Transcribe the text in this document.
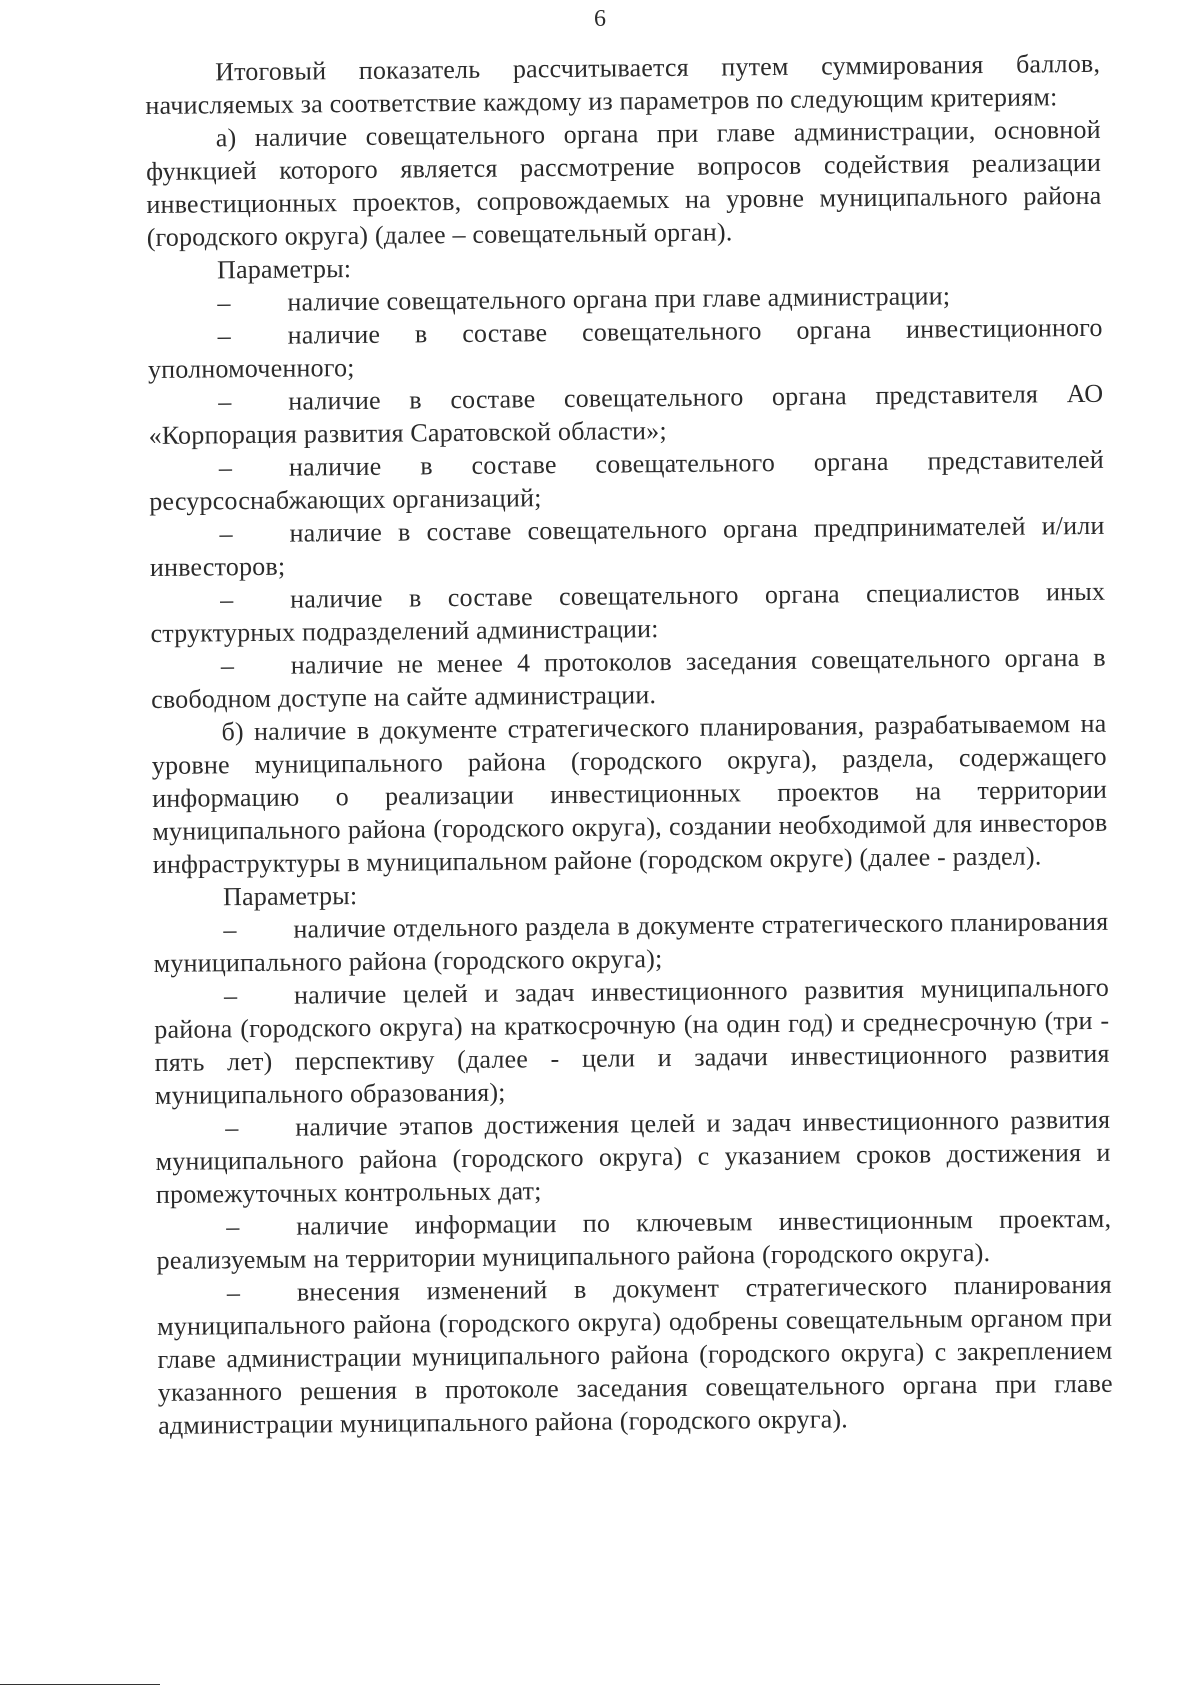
6

Итоговый показатель рассчитывается путем суммирования баллов, начисляемых за соответствие каждому из параметров по следующим критериям:

а) наличие совещательного органа при главе администрации, основной функцией которого является рассмотрение вопросов содействия реализации инвестиционных проектов, сопровождаемых на уровне муниципального района (городского округа) (далее – совещательный орган).

Параметры:

– наличие совещательного органа при главе администрации;

– наличие в составе совещательного органа инвестиционного уполномоченного;

– наличие в составе совещательного органа представителя АО «Корпорация развития Саратовской области»;

– наличие в составе совещательного органа представителей ресурсоснабжающих организаций;

– наличие в составе совещательного органа предпринимателей и/или инвесторов;

– наличие в составе совещательного органа специалистов иных структурных подразделений администрации:

– наличие не менее 4 протоколов заседания совещательного органа в свободном доступе на сайте администрации.

б) наличие в документе стратегического планирования, разрабатываемом на уровне муниципального района (городского округа), раздела, содержащего информацию о реализации инвестиционных проектов на территории муниципального района (городского округа), создании необходимой для инвесторов инфраструктуры в муниципальном районе (городском округе) (далее - раздел).

Параметры:

– наличие отдельного раздела в документе стратегического планирования муниципального района (городского округа);

– наличие целей и задач инвестиционного развития муниципального района (городского округа) на краткосрочную (на один год) и среднесрочную (три - пять лет) перспективу (далее - цели и задачи инвестиционного развития муниципального образования);

– наличие этапов достижения целей и задач инвестиционного развития муниципального района (городского округа) с указанием сроков достижения и промежуточных контрольных дат;

– наличие информации по ключевым инвестиционным проектам, реализуемым на территории муниципального района (городского округа).

– внесения изменений в документ стратегического планирования муниципального района (городского округа) одобрены совещательным органом при главе администрации муниципального района (городского округа) с закреплением указанного решения в протоколе заседания совещательного органа при главе администрации муниципального района (городского округа).
